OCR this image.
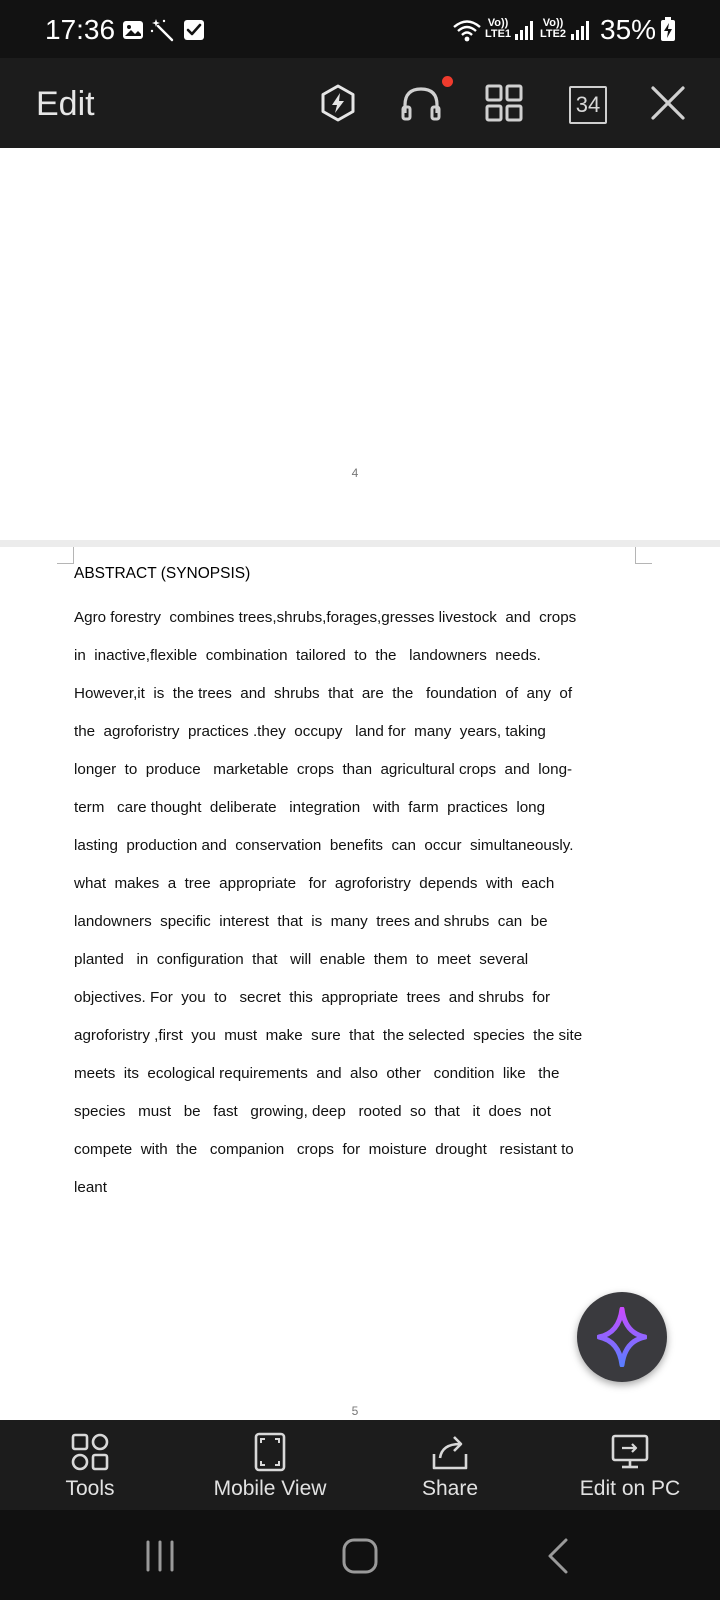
17:36	Vo))
LTE1
Vo))
LTE2 35%
Edit	34
4
ABSTRACT (SYNOPSIS)
Agro forestry  combines trees,shrubs,forages,gresses livestock  and  crops
in  inactive,flexible  combination  tailored  to  the   landowners  needs.
However,it  is  the trees  and  shrubs  that  are  the   foundation  of  any  of
the  agroforistry  practices .they  occupy   land for  many  years, taking
longer  to  produce   marketable  crops  than  agricultural crops  and  long-
term   care thought  deliberate   integration   with  farm  practices  long
lasting  production and  conservation  benefits  can  occur  simultaneously.
what  makes  a  tree  appropriate   for  agroforistry  depends  with  each
landowners  specific  interest  that  is  many  trees and shrubs  can  be
planted   in  configuration  that   will  enable  them  to  meet  several
objectives. For  you  to   secret  this  appropriate  trees  and shrubs  for
agroforistry ,first  you  must  make  sure  that  the selected  species  the site
meets  its  ecological requirements  and  also  other   condition  like   the
species   must   be   fast   growing, deep   rooted  so  that   it  does  not
compete  with  the   companion   crops  for  moisture  drought   resistant to
leant
5
Tools	Mobile View	Share	Edit on PC
